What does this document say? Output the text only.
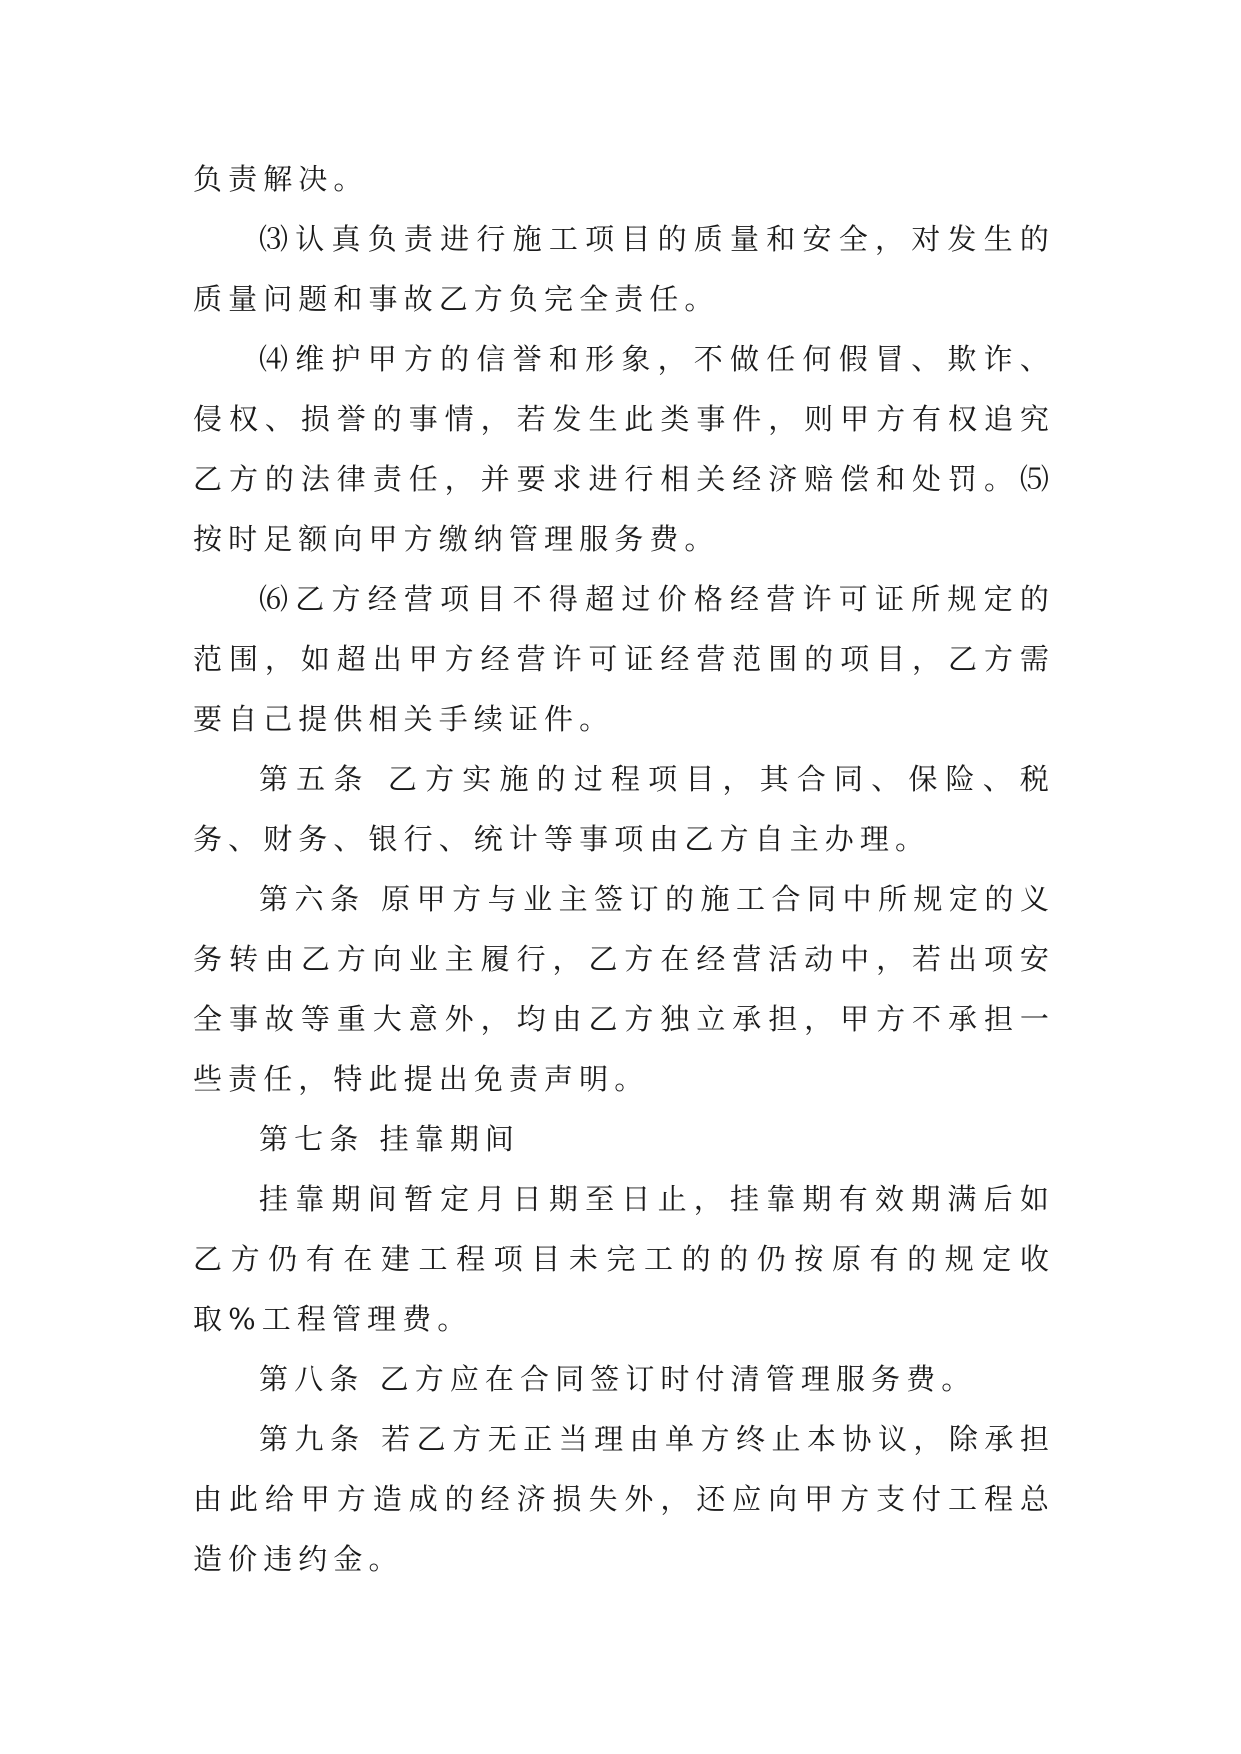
负责解决。

⑶认真负责进行施工项目的质量和安全，对发生的质量问题和事故乙方负完全责任。

⑷维护甲方的信誉和形象，不做任何假冒、欺诈、侵权、损誉的事情，若发生此类事件，则甲方有权追究乙方的法律责任，并要求进行相关经济赔偿和处罚。⑸按时足额向甲方缴纳管理服务费。

⑹乙方经营项目不得超过价格经营许可证所规定的范围，如超出甲方经营许可证经营范围的项目，乙方需要自己提供相关手续证件。

第五条 乙方实施的过程项目，其合同、保险、税务、财务、银行、统计等事项由乙方自主办理。

第六条 原甲方与业主签订的施工合同中所规定的义务转由乙方向业主履行，乙方在经营活动中，若出项安全事故等重大意外，均由乙方独立承担，甲方不承担一些责任，特此提出免责声明。

第七条 挂靠期间

挂靠期间暂定月日期至日止，挂靠期有效期满后如乙方仍有在建工程项目未完工的的仍按原有的规定收取%工程管理费。

第八条 乙方应在合同签订时付清管理服务费。

第九条 若乙方无正当理由单方终止本协议，除承担由此给甲方造成的经济损失外，还应向甲方支付工程总造价违约金。
